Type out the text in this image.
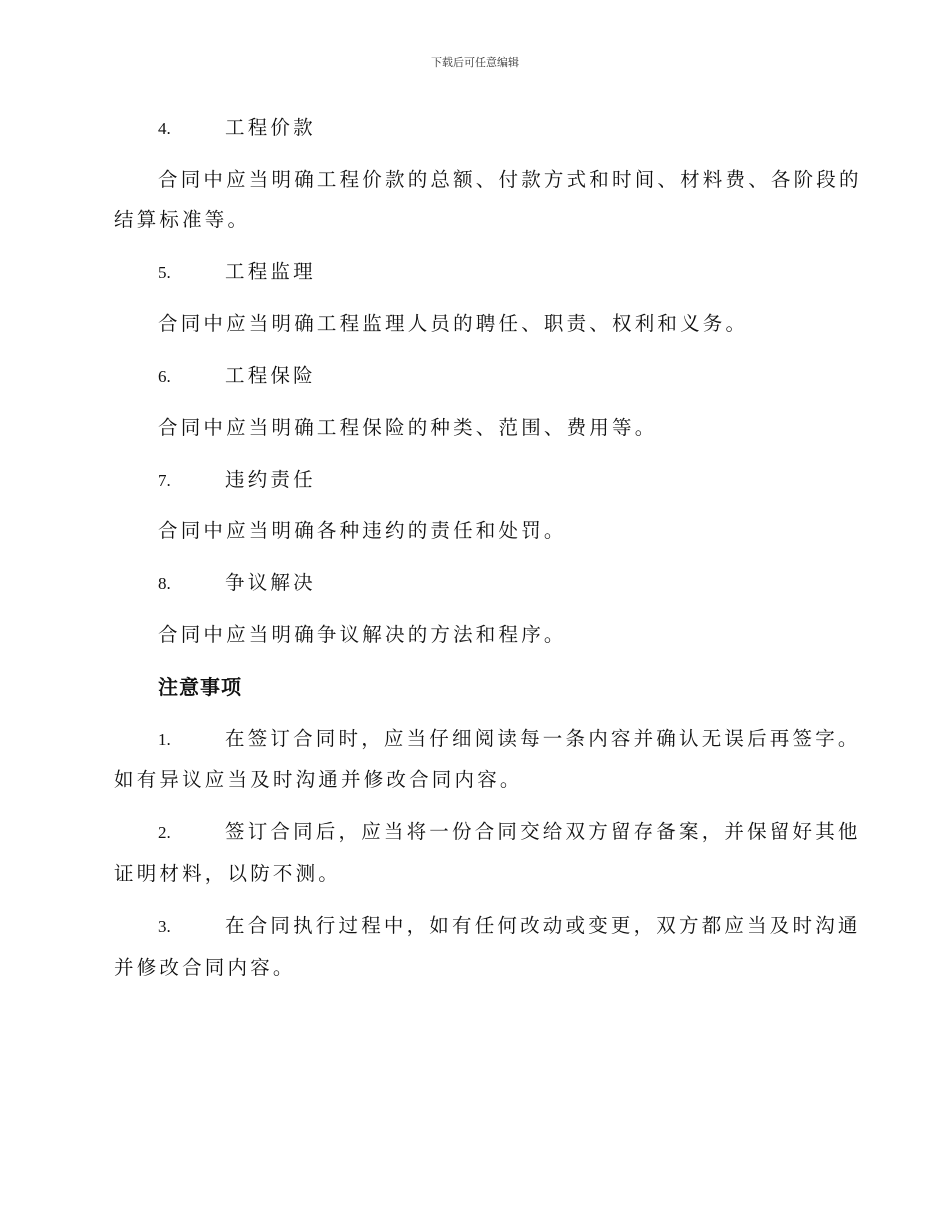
下载后可任意编辑
4.	工程价款
合同中应当明确工程价款的总额、付款方式和时间、材料费、各阶段的
结算标准等。
5.	工程监理
合同中应当明确工程监理人员的聘任、职责、权利和义务。
6.	工程保险
合同中应当明确工程保险的种类、范围、费用等。
7.	违约责任
合同中应当明确各种违约的责任和处罚。
8.	争议解决
合同中应当明确争议解决的方法和程序。
注意事项
1.	在签订合同时，应当仔细阅读每一条内容并确认无误后再签字。
如有异议应当及时沟通并修改合同内容。
2.	签订合同后，应当将一份合同交给双方留存备案，并保留好其他
证明材料，以防不测。
3.	在合同执行过程中，如有任何改动或变更，双方都应当及时沟通
并修改合同内容。
